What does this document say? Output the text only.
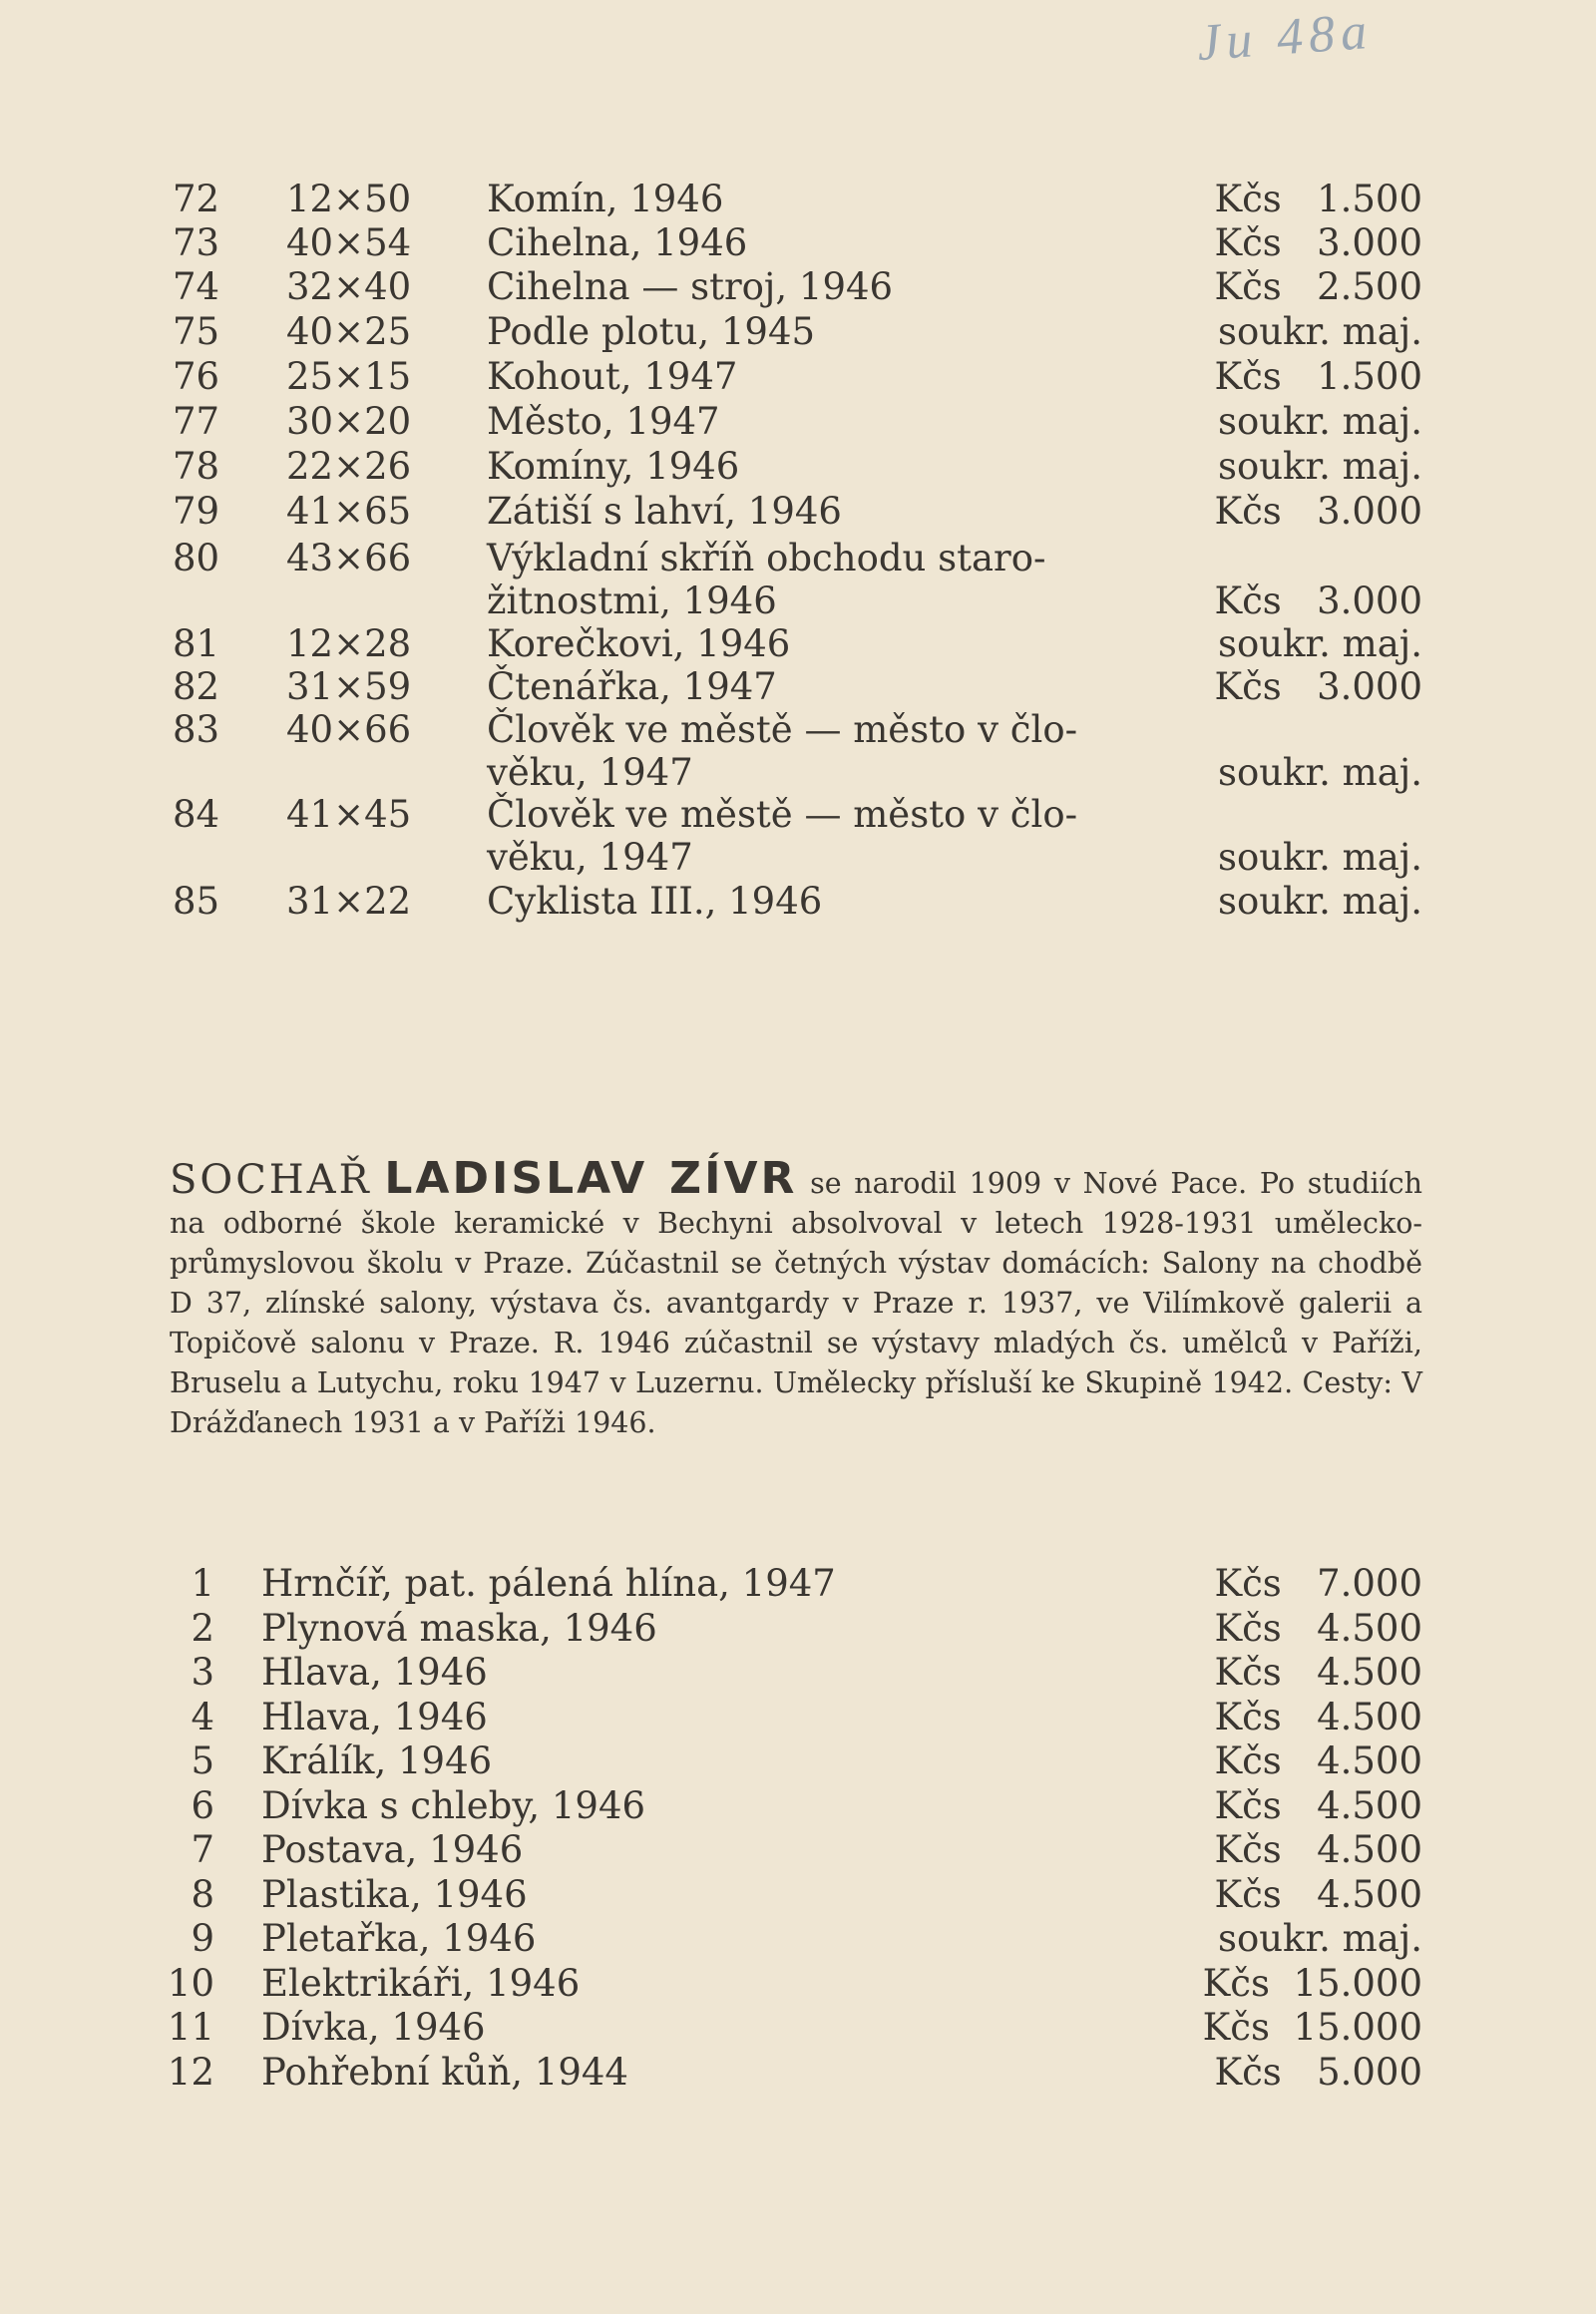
Ju 48a
72 12×50 Komín, 1946	Kčs   1.500
73 40×54 Cihelna, 1946	Kčs   3.000
74 32×40 Cihelna — stroj, 1946	Kčs   2.500
75 40×25 Podle plotu, 1945	soukr. maj.
76 25×15 Kohout, 1947	Kčs   1.500
77 30×20 Město, 1947	soukr. maj.
78 22×26 Komíny, 1946	soukr. maj.
79 41×65 Zátiší s lahví, 1946	Kčs   3.000
80 43×66 Výkladní skříň obchodu staro-
žitnostmi, 1946	Kčs   3.000
81 12×28 Korečkovi, 1946	soukr. maj.
82 31×59 Čtenářka, 1947	Kčs   3.000
83 40×66 Člověk ve městě — město v člo-
věku, 1947	soukr. maj.
84 41×45 Člověk ve městě — město v člo-
věku, 1947	soukr. maj.
85 31×22 Cyklista III., 1946	soukr. maj.
SOCHAŘ LADISLAV ZÍVR se narodil 1909 v Nové Pace. Po studiích na odborné škole keramické v Bechyni absolvoval v letech 1928-1931 umělecko-průmyslovou školu v Praze. Zúčastnil se četných výstav domácích: Salony na chodbě D 37, zlínské salony, výstava čs. avantgardy v Praze r. 1937, ve Vilímkově galerii a Topičově salonu v Praze. R. 1946 zúčastnil se výstavy mladých čs. umělců v Paříži, Bruselu a Lutychu, roku 1947 v Luzernu. Umělecky přísluší ke Skupině 1942. Cesty: V Drážďanech 1931 a v Paříži 1946.
1 Hrnčíř, pat. pálená hlína, 1947	Kčs   7.000
2 Plynová maska, 1946	Kčs   4.500
3 Hlava, 1946	Kčs   4.500
4 Hlava, 1946	Kčs   4.500
5 Králík, 1946	Kčs   4.500
6 Dívka s chleby, 1946	Kčs   4.500
7 Postava, 1946	Kčs   4.500
8 Plastika, 1946	Kčs   4.500
9 Pletařka, 1946	soukr. maj.
10 Elektrikáři, 1946	Kčs  15.000
11 Dívka, 1946	Kčs  15.000
12 Pohřební kůň, 1944	Kčs   5.000
